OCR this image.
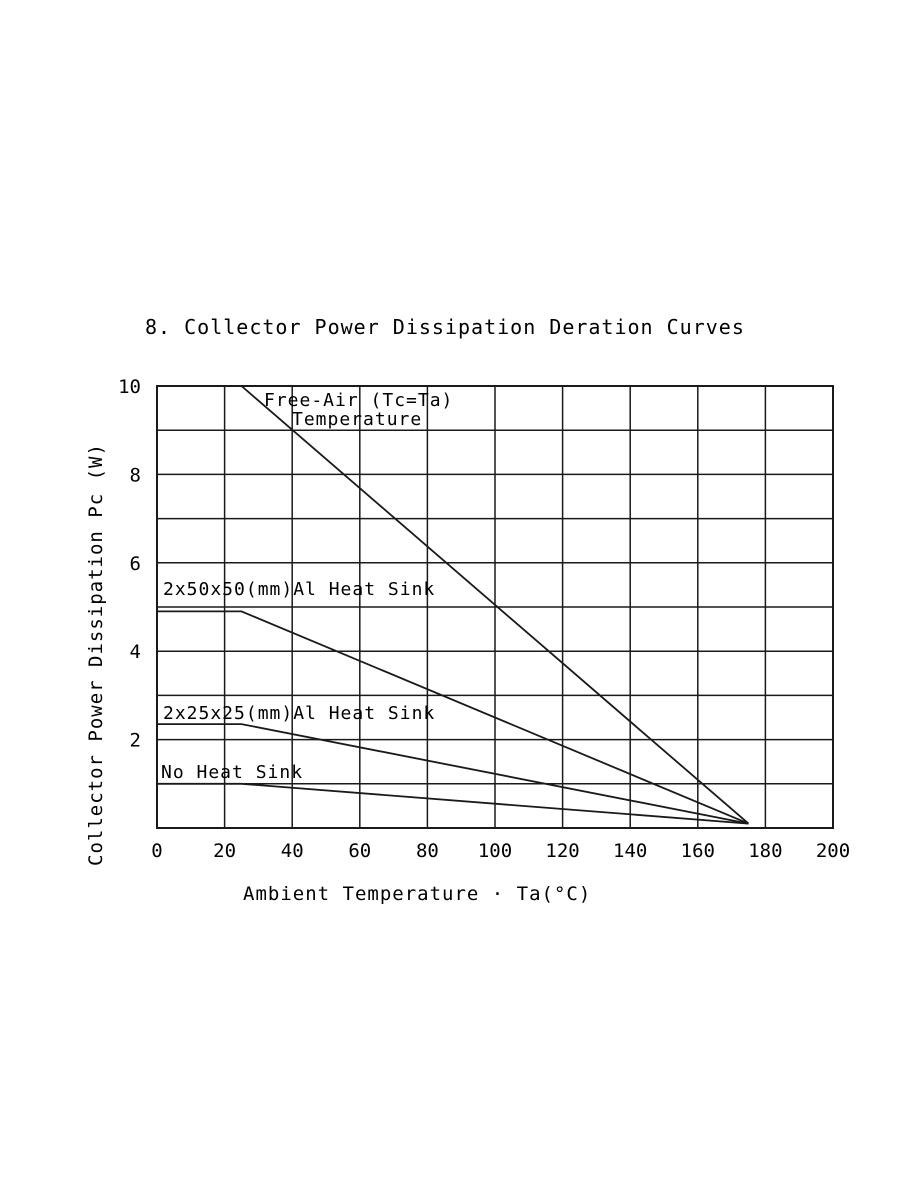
8. Collector Power Dissipation Deration Curves
0	20 40 60 80 100 120 140 160 180 200
2
4
6
8
10
Free-Air (Tc=Ta)
Temperature
2x50x50(mm)Al Heat Sink
2x25x25(mm)Al Heat Sink
No Heat Sink
Ambient Temperature · Ta(°C)
Collector Power Dissipation Pc (W)
